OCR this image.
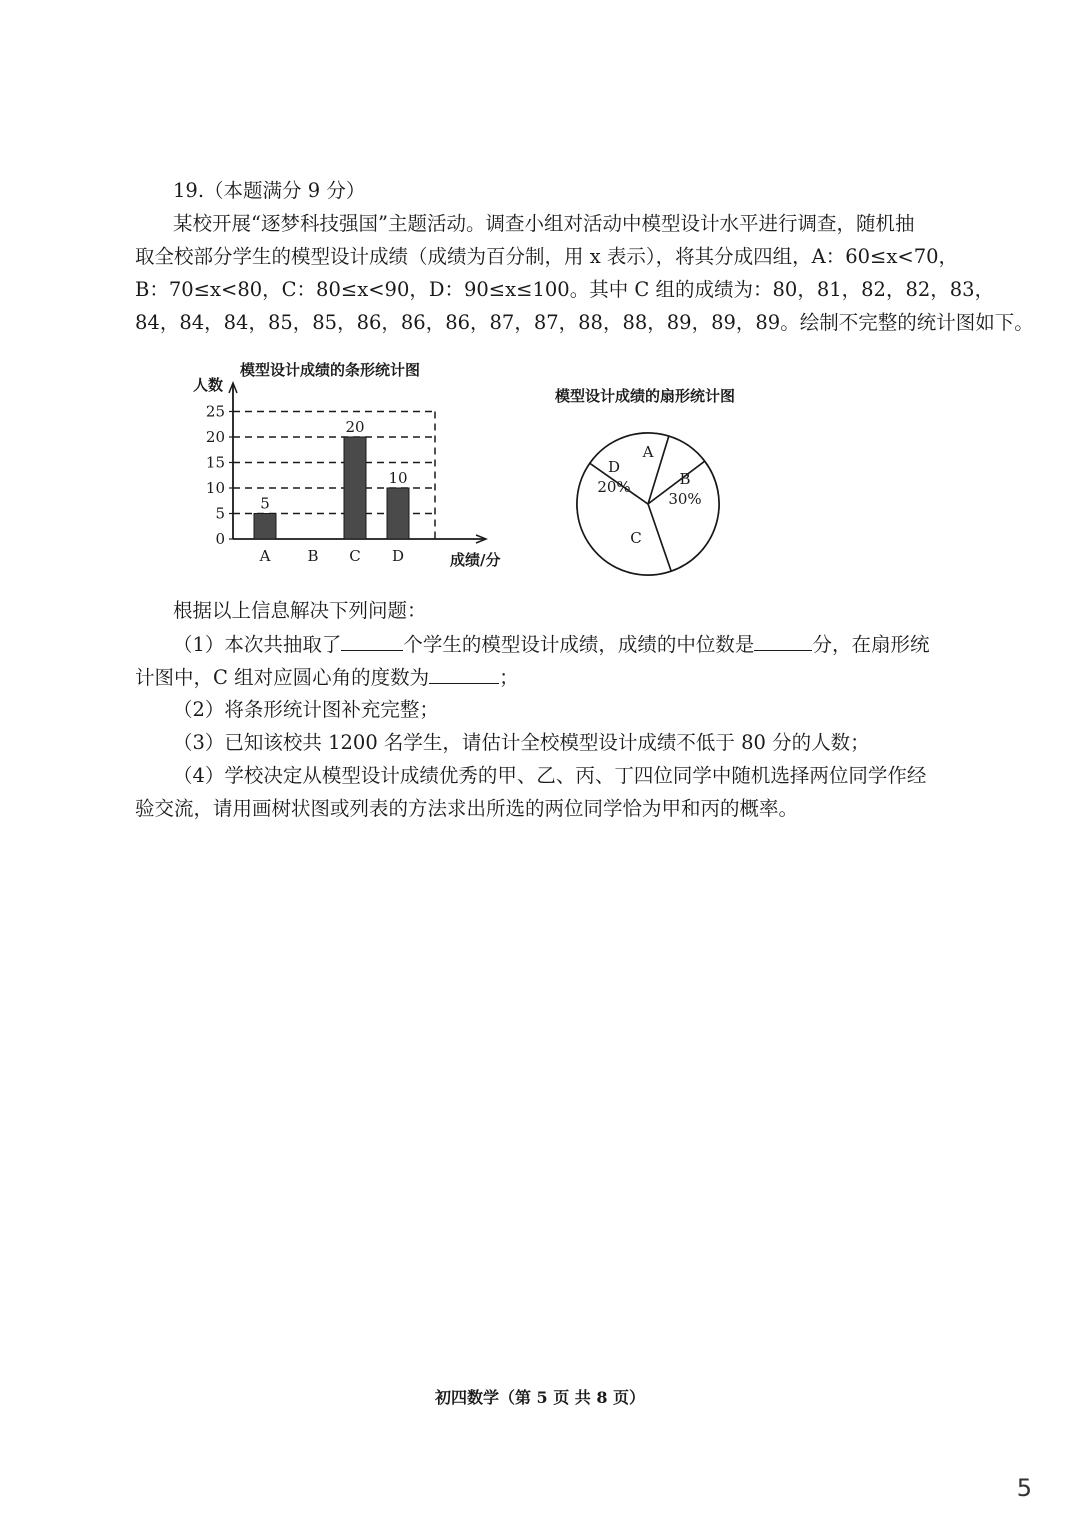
19.（本题满分 9 分）
某校开展“逐梦科技强国”主题活动。调查小组对活动中模型设计水平进行调查，随机抽
取全校部分学生的模型设计成绩（成绩为百分制，用 x 表示），将其分成四组，A：60≤x<70，
B：70≤x<80，C：80≤x<90，D：90≤x≤100。其中 C 组的成绩为：80，81，82，82，83，
84，84，84，85，85，86，86，86，87，87，88，88，89，89，89。绘制不完整的统计图如下。
模型设计成绩的条形统计图
人数
成绩/分
0
5
10
15
20
25
5
A B
20
C
10
D
模型设计成绩的扇形统计图
A
B
30%
C
D
20%
根据以上信息解决下列问题：
（1）本次共抽取了	个学生的模型设计成绩，成绩的中位数是	分，在扇形统
计图中，C 组对应圆心角的度数为	；
（2）将条形统计图补充完整；
（3）已知该校共 1200 名学生，请估计全校模型设计成绩不低于 80 分的人数；
（4）学校决定从模型设计成绩优秀的甲、乙、丙、丁四位同学中随机选择两位同学作经
验交流，请用画树状图或列表的方法求出所选的两位同学恰为甲和丙的概率。
初四数学（第 5 页 共 8 页）
5
